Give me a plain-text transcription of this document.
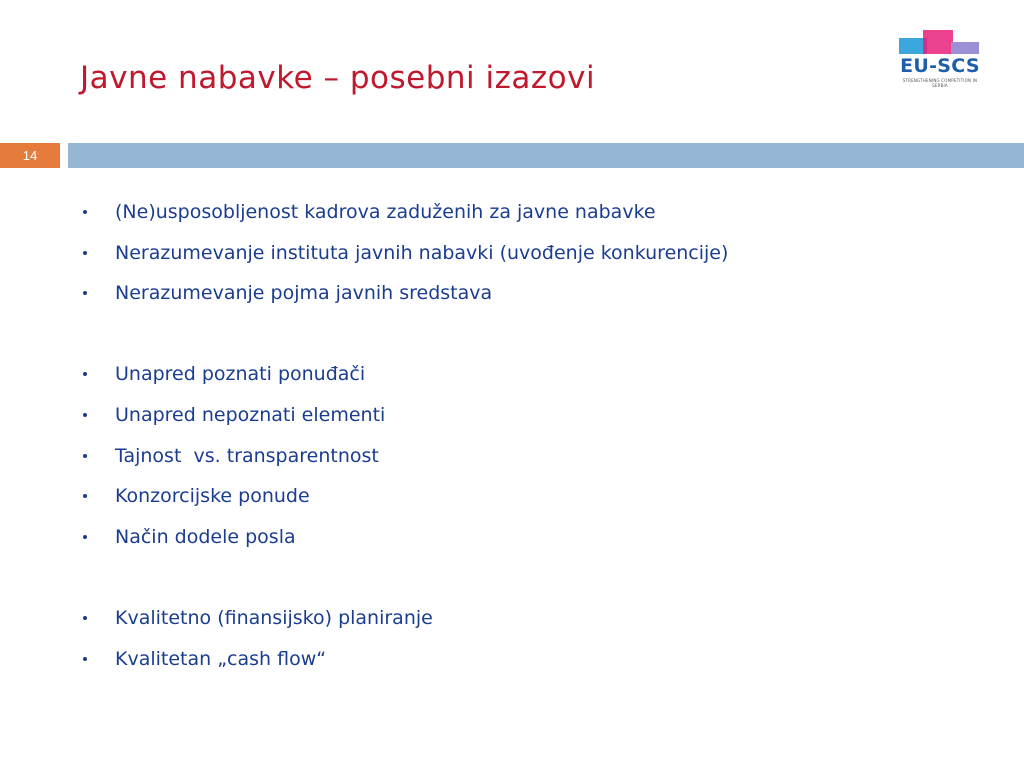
Javne nabavke – posebni izazovi	EU-SCS
STRENGTHENING COMPETITION IN SERBIA
14
(Ne)usposobljenost kadrova zaduženih za javne nabavke
Nerazumevanje instituta javnih nabavki (uvođenje konkurencije)
Nerazumevanje pojma javnih sredstava
Unapred poznati ponuđači
Unapred nepoznati elementi
Tajnost  vs. transparentnost
Konzorcijske ponude
Način dodele posla
Kvalitetno (finansijsko) planiranje
Kvalitetan „cash flow“
